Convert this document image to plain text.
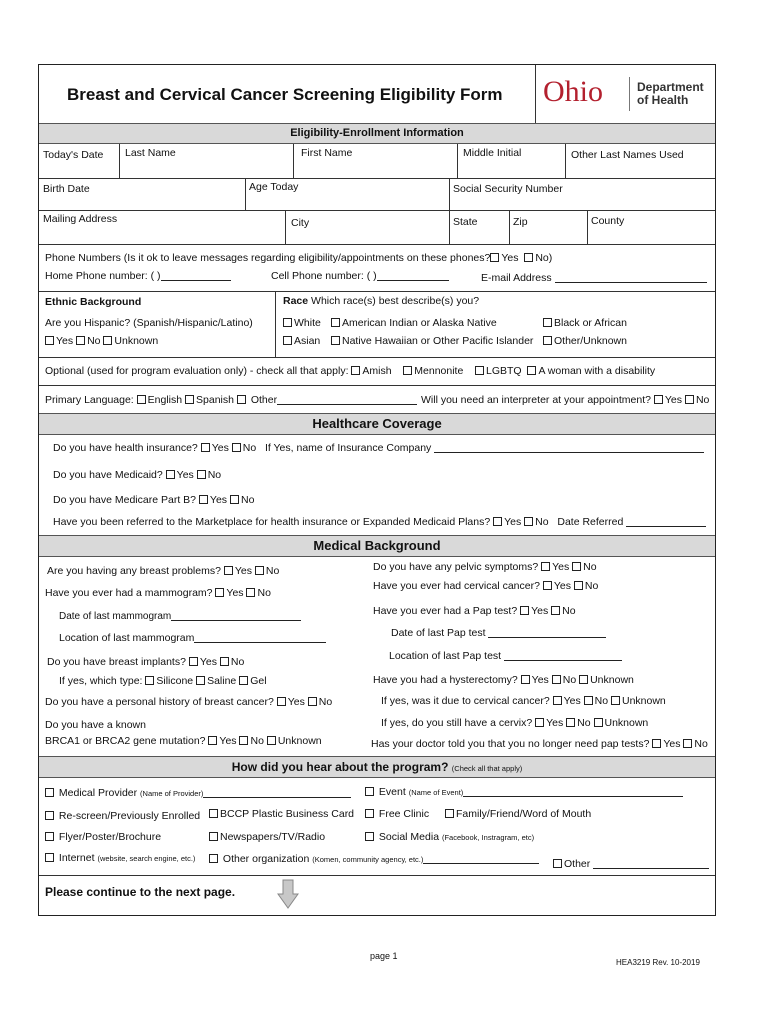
Breast and Cervical Cancer Screening Eligibility Form Ohio	Department
of Health
Eligibility-Enrollment Information
Today's Date Last Name	First Name	Middle Initial	Other Last Names Used
Birth Date	Age Today	Social Security Number
Mailing Address	City	State	Zip	County
Phone Numbers (Is it ok to leave messages regarding eligibility/appointments on these phones? Yes No)
Home Phone number: ( )	Cell Phone number: ( )	E-mail Address
Ethnic Background
Are you Hispanic? (Spanish/Hispanic/Latino)
Yes No Unknown
Race Which race(s) best describe(s) you?
White	American Indian or Alaska Native	Black or African
Asian	Native Hawaiian or Other Pacific Islander	Other/Unknown
Optional (used for program evaluation only) - check all that apply: Amish Mennonite LGBTQ A woman with a disability
Primary Language: English Spanish Other	Will you need an interpreter at your appointment? Yes No
Healthcare Coverage
Do you have health insurance? Yes No If Yes, name of Insurance Company
Do you have Medicaid? Yes No
Do you have Medicare Part B? Yes No
Have you been referred to the Marketplace for health insurance or Expanded Medicaid Plans? Yes No Date Referred
Medical Background
Are you having any breast problems? Yes No
Have you ever had a mammogram? Yes No
Date of last mammogram
Location of last mammogram
Do you have breast implants? Yes No
If yes, which type: Silicone Saline Gel
Do you have a personal history of breast cancer? Yes No
Do you have a known
BRCA1 or BRCA2 gene mutation? Yes No Unknown
Do you have any pelvic symptoms? Yes No
Have you ever had cervical cancer? Yes No
Have you ever had a Pap test? Yes No
Date of last Pap test
Location of last Pap test
Have you had a hysterectomy? Yes No Unknown
If yes, was it due to cervical cancer? Yes No Unknown
If yes, do you still have a cervix? Yes No Unknown
Has your doctor told you that you no longer need pap tests? Yes No
How did you hear about the program? (Check all that apply)
Medical Provider (Name of Provider)	Event (Name of Event)
Re-screen/Previously Enrolled	BCCP Plastic Business Card	Free Clinic	Family/Friend/Word of Mouth
Flyer/Poster/Brochure	Newspapers/TV/Radio	Social Media (Facebook, Instragram, etc)
Internet (website, search engine, etc.)	Other organization (Komen, community agency, etc.)	Other
Please continue to the next page.
page 1
HEA3219 Rev. 10-2019
